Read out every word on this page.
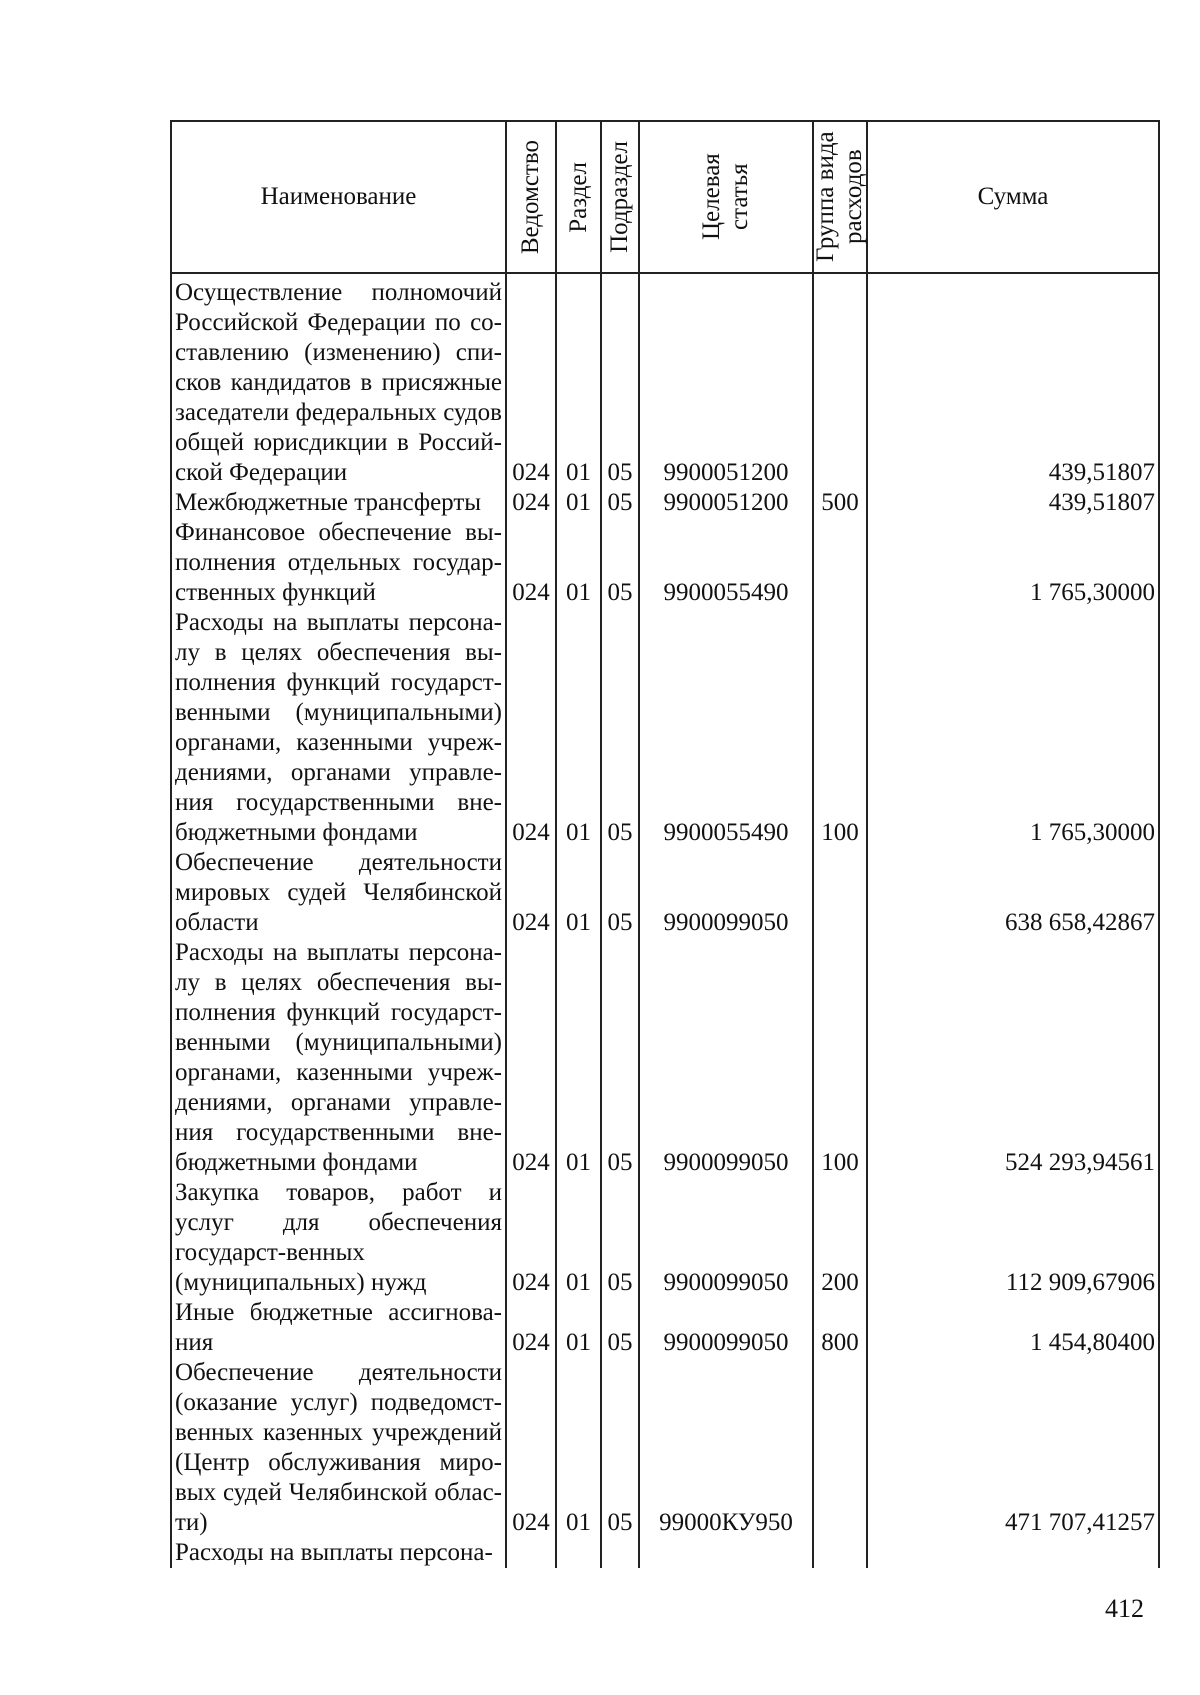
Наименование	Ведомство	Раздел	Подраздел	Целевая статья	Группа вида расходов	Сумма
Осуществление полномочий Российской Федерации по со-ставлению (изменению) спи-сков кандидатов в присяжные заседатели федеральных судов общей юрисдикции в Россий-ской Федерации	024	01	05	9900051200		439,51807
Межбюджетные трансферты	024	01	05	9900051200	500	439,51807
Финансовое обеспечение вы-полнения отдельных государ-ственных функций	024	01	05	9900055490		1 765,30000
Расходы на выплаты персона-лу в целях обеспечения вы-полнения функций государст-венными (муниципальными) органами, казенными учреж-дениями, органами управле-ния государственными вне-бюджетными фондами	024	01	05	9900055490	100	1 765,30000
Обеспечение деятельности мировых судей Челябинской области	024	01	05	9900099050		638 658,42867
Расходы на выплаты персона-лу в целях обеспечения вы-полнения функций государст-венными (муниципальными) органами, казенными учреж-дениями, органами управле-ния государственными вне-бюджетными фондами	024	01	05	9900099050	100	524 293,94561
Закупка товаров, работ и услуг для обеспечения государст-венных (муниципальных) нужд	024	01	05	9900099050	200	112 909,67906
Иные бюджетные ассигнова-ния	024	01	05	9900099050	800	1 454,80400
Обеспечение деятельности (оказание услуг) подведомст-венных казенных учреждений (Центр обслуживания миро-вых судей Челябинской облас-ти)	024	01	05	99000КУ950		471 707,41257
Расходы на выплаты персона-						
412
